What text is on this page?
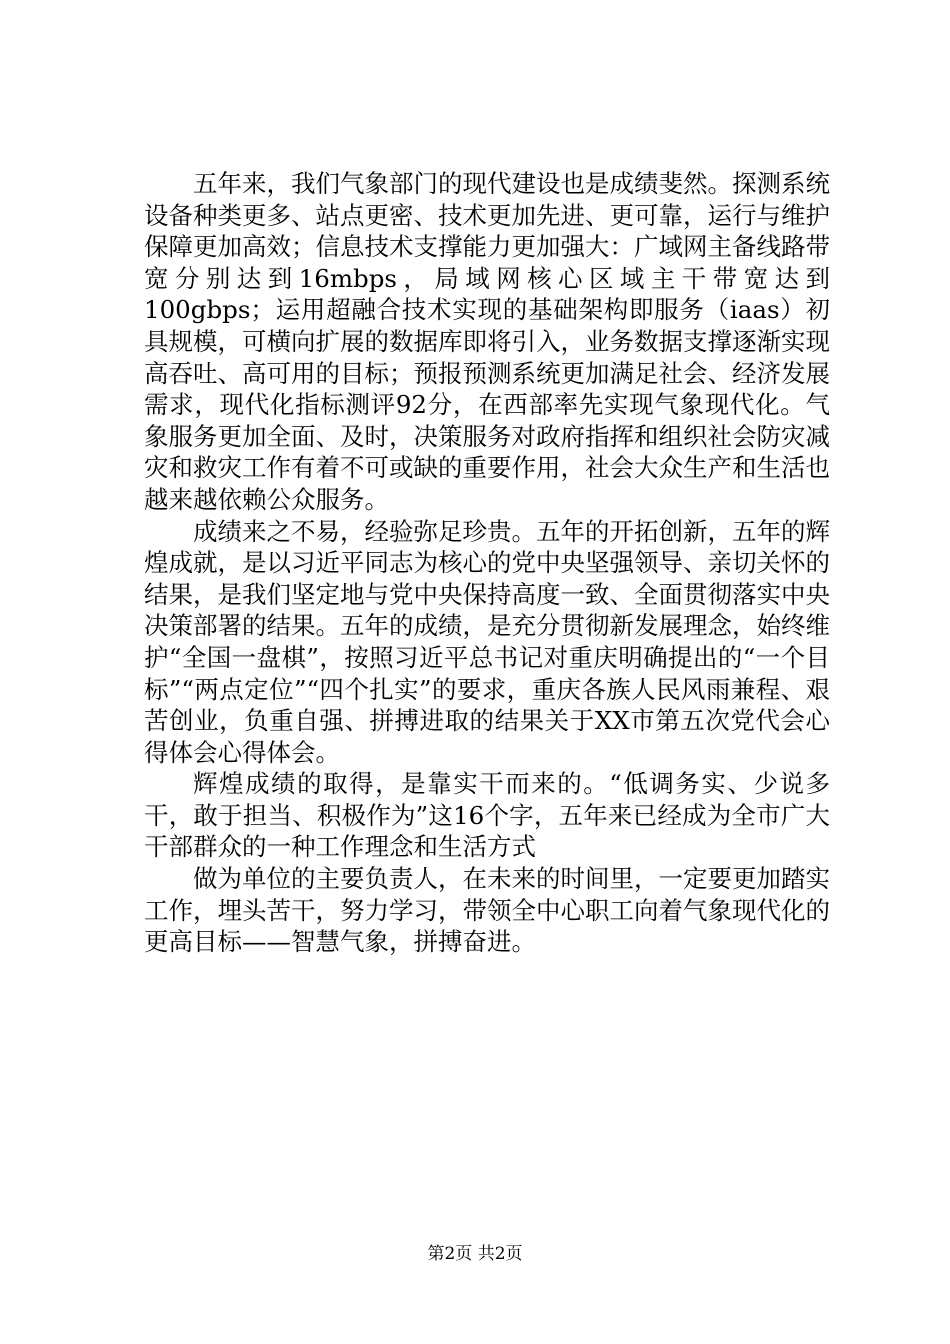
五年来，我们气象部门的现代建设也是成绩斐然。探测系统设备种类更多、站点更密、技术更加先进、更可靠，运行与维护保障更加高效；信息技术支撑能力更加强大：广域网主备线路带宽分别达到16mbps，局域网核心区域主干带宽达到100gbps；运用超融合技术实现的基础架构即服务（iaas）初具规模，可横向扩展的数据库即将引入，业务数据支撑逐渐实现高吞吐、高可用的目标；预报预测系统更加满足社会、经济发展需求，现代化指标测评92分，在西部率先实现气象现代化。气象服务更加全面、及时，决策服务对政府指挥和组织社会防灾减灾和救灾工作有着不可或缺的重要作用，社会大众生产和生活也越来越依赖公众服务。

成绩来之不易，经验弥足珍贵。五年的开拓创新，五年的辉煌成就，是以习近平同志为核心的党中央坚强领导、亲切关怀的结果，是我们坚定地与党中央保持高度一致、全面贯彻落实中央决策部署的结果。五年的成绩，是充分贯彻新发展理念，始终维护“全国一盘棋”，按照习近平总书记对重庆明确提出的“一个目标”“两点定位”“四个扎实”的要求，重庆各族人民风雨兼程、艰苦创业，负重自强、拼搏进取的结果关于XX市第五次党代会心得体会心得体会。

辉煌成绩的取得，是靠实干而来的。“低调务实、少说多干，敢于担当、积极作为”这16个字，五年来已经成为全市广大干部群众的一种工作理念和生活方式

做为单位的主要负责人，在未来的时间里，一定要更加踏实工作，埋头苦干，努力学习，带领全中心职工向着气象现代化的更高目标——智慧气象，拼搏奋进。

第2页 共2页
